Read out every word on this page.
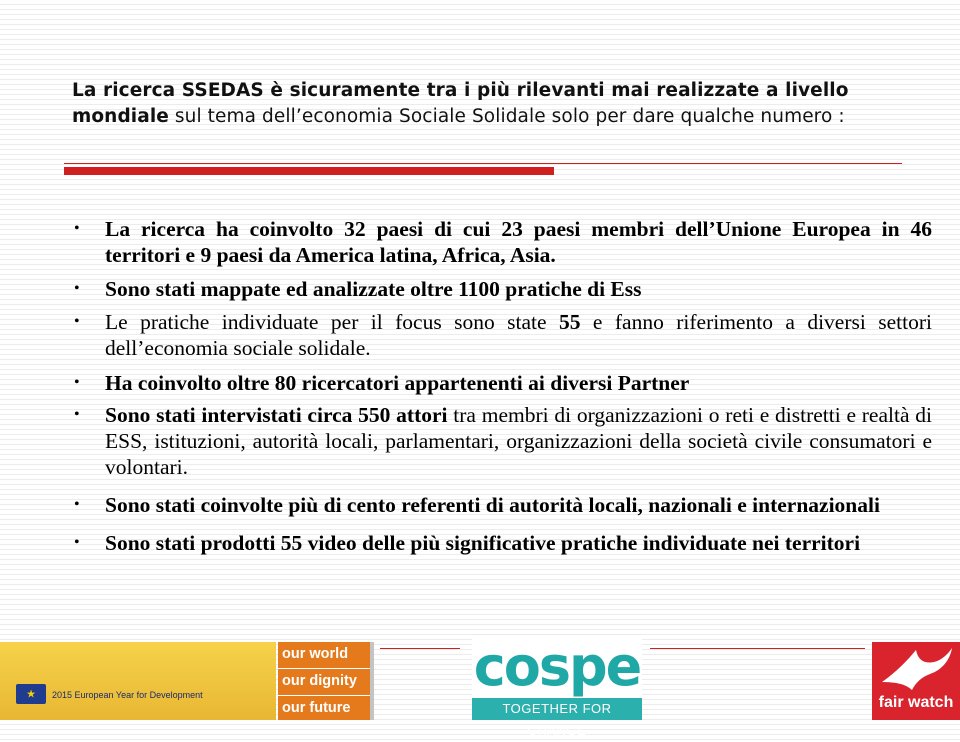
La ricerca SSEDAS è sicuramente tra i più rilevanti mai realizzate a livello mondiale sul tema dell’economia Sociale Solidale solo per dare qualche numero :
• La ricerca ha coinvolto 32 paesi di cui 23 paesi membri dell’Unione Europea in 46 territori e 9 paesi da America latina, Africa, Asia.
• Sono stati mappate ed analizzate oltre 1100 pratiche di Ess
• Le pratiche individuate per il focus sono state 55 e fanno riferimento a diversi settori dell’economia sociale solidale.
• Ha coinvolto oltre 80 ricercatori appartenenti ai diversi Partner
• Sono stati intervistati circa 550 attori tra membri di organizzazioni o reti e distretti e realtà di ESS, istituzioni, autorità locali, parlamentari, organizzazioni della società civile consumatori e volontari.
• Sono stati coinvolte più di cento referenti di autorità locali, nazionali e internazionali
• Sono stati prodotti 55 video delle più significative pratiche individuate nei territori
★ 2015 European Year for Development
our world
our dignity
our future
cospe
TOGETHER FOR CHANGE
fair watch
